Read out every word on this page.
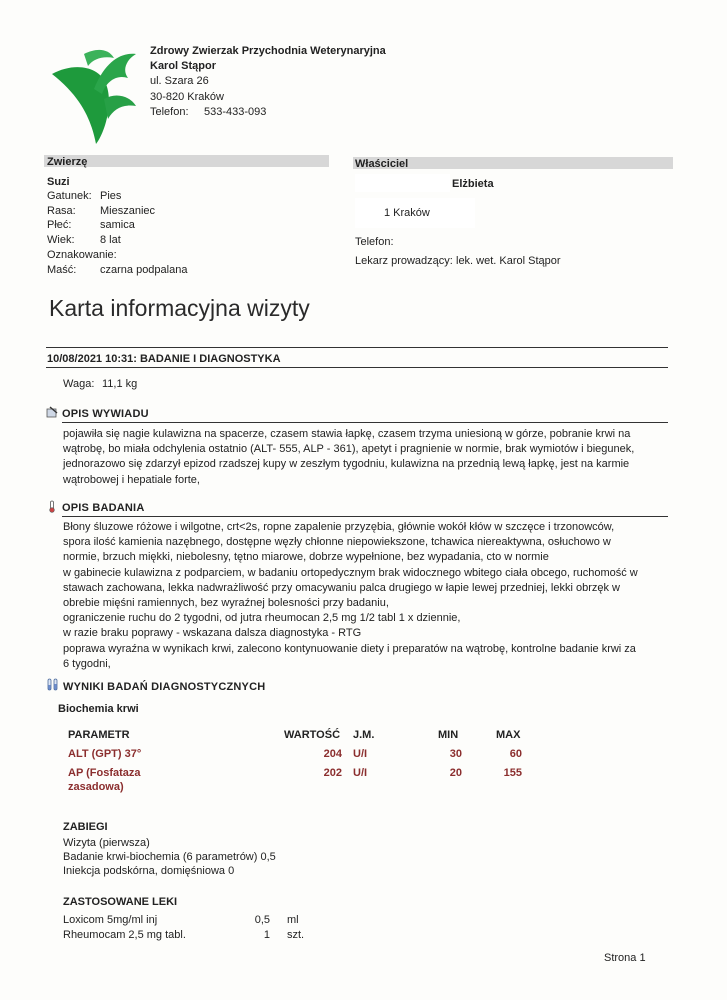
Zdrowy Zwierzak Przychodnia Weterynaryjna
Karol Stąpor
ul. Szara 26
30-820 Kraków
Telefon: 533-433-093
Zwierzę
Suzi
Gatunek: Pies
Rasa: Mieszaniec
Płeć:	samica
Wiek: 8 lat
Oznakowanie:
Maść: czarna podpalana
Właściciel
Elżbieta
1 Kraków
Telefon:
Lekarz prowadzący: lek. wet. Karol Stąpor
Karta informacyjna wizyty
10/08/2021 10:31: BADANIE I DIAGNOSTYKA
Waga: 11,1 kg
OPIS WYWIADU
pojawiła się nagie kulawizna na spacerze, czasem stawia łapkę, czasem trzyma uniesioną w górze, pobranie krwi na
wątrobę, bo miała odchylenia ostatnio (ALT- 555, ALP - 361), apetyt i pragnienie w normie, brak wymiotów i biegunek,
jednorazowo się zdarzył epizod rzadszej kupy w zeszłym tygodniu, kulawizna na przednią lewą łapkę, jest na karmie
wątrobowej i hepatiale forte,
OPIS BADANIA
Błony śluzowe różowe i wilgotne, crt<2s, ropne zapalenie przyzębia, głównie wokół kłów w szczęce i trzonowców,
spora ilość kamienia nazębnego, dostępne węzły chłonne niepowiekszone, tchawica niereaktywna, osłuchowo w
normie, brzuch miękki, niebolesny, tętno miarowe, dobrze wypełnione, bez wypadania, cto w normie
w gabinecie kulawizna z podparciem, w badaniu ortopedycznym brak widocznego wbitego ciała obcego, ruchomość w
stawach zachowana, lekka nadwrażliwość przy omacywaniu palca drugiego w łapie lewej przedniej, lekki obrzęk w
obrebie mięśni ramiennych, bez wyraźnej bolesności przy badaniu,
ograniczenie ruchu do 2 tygodni, od jutra rheumocan 2,5 mg 1/2 tabl 1 x dziennie,
w razie braku poprawy - wskazana dalsza diagnostyka - RTG
poprawa wyraźna w wynikach krwi, zalecono kontynuowanie diety i preparatów na wątrobę, kontrolne badanie krwi za
6 tygodni,
WYNIKI BADAŃ DIAGNOSTYCZNYCH
Biochemia krwi
PARAMETR	WARTOŚĆ J.M.	MIN	MAX
ALT (GPT) 37°	204 U/I	30	60
AP (Fosfataza
zasadowa)
202 U/I	20	155
ZABIEGI
Wizyta (pierwsza)
Badanie krwi-biochemia (6 parametrów) 0,5
Iniekcja podskórna, domięśniowa 0
ZASTOSOWANE LEKI
Loxicom 5mg/ml inj	0,5 ml
Rheumocam 2,5 mg tabl.	1 szt.
Strona 1
